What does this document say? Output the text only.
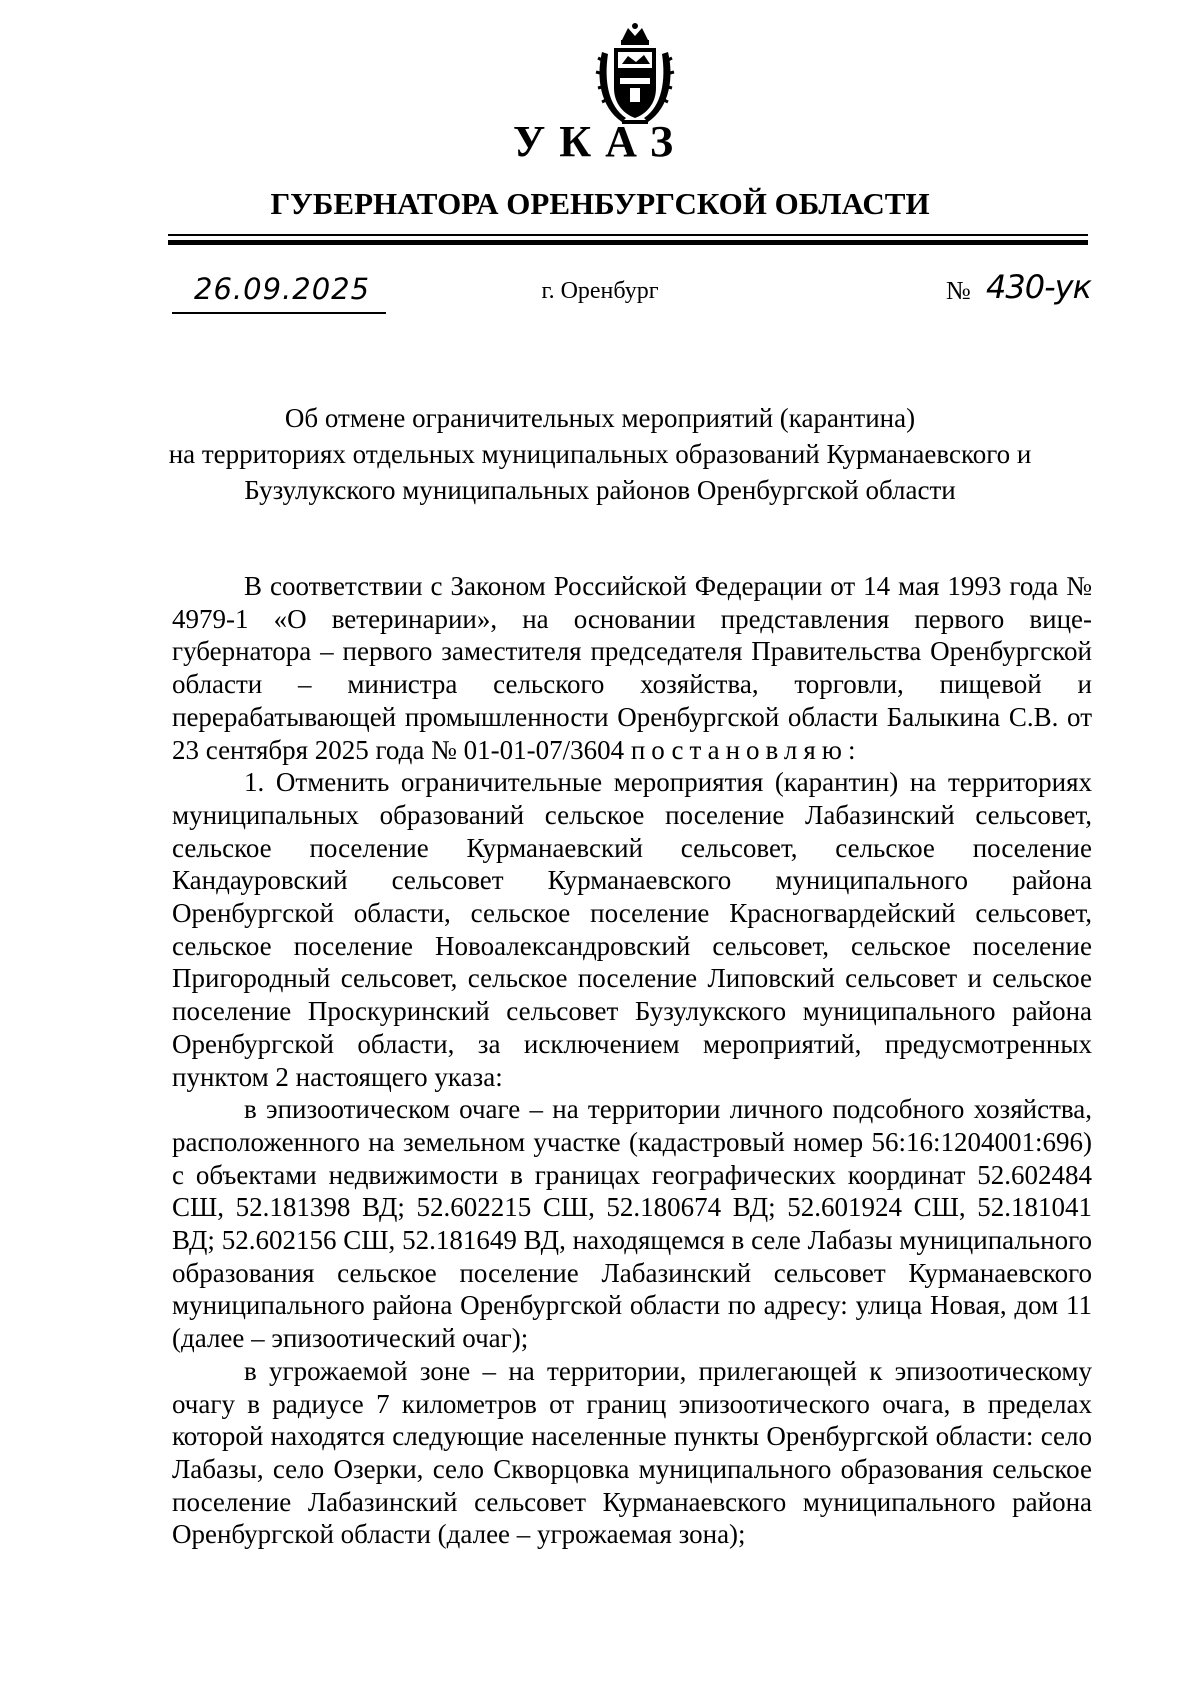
УКАЗ
ГУБЕРНАТОРА ОРЕНБУРГСКОЙ ОБЛАСТИ
26.09.2025	г. Оренбург	№ 430-ук
Об отмене ограничительных мероприятий (карантина)
на территориях отдельных муниципальных образований Курманаевского и
Бузулукского муниципальных районов Оренбургской области

В соответствии с Законом Российской Федерации от 14 мая 1993 года № 4979-1 «О ветеринарии», на основании представления первого вице-губернатора – первого заместителя председателя Правительства Оренбургской области – министра сельского хозяйства, торговли, пищевой и перерабатывающей промышленности Оренбургской области Балыкина С.В. от 23 сентября 2025 года № 01-01-07/3604 постановляю:

1. Отменить ограничительные мероприятия (карантин) на территориях муниципальных образований сельское поселение Лабазинский сельсовет, сельское поселение Курманаевский сельсовет, сельское поселение Кандауровский сельсовет Курманаевского муниципального района Оренбургской области, сельское поселение Красногвардейский сельсовет, сельское поселение Новоалександровский сельсовет, сельское поселение Пригородный сельсовет, сельское поселение Липовский сельсовет и сельское поселение Проскуринский сельсовет Бузулукского муниципального района Оренбургской области, за исключением мероприятий, предусмотренных пунктом 2 настоящего указа:

в эпизоотическом очаге – на территории личного подсобного хозяйства, расположенного на земельном участке (кадастровый номер 56:16:1204001:696) с объектами недвижимости в границах географических координат 52.602484 СШ, 52.181398 ВД; 52.602215 СШ, 52.180674 ВД; 52.601924 СШ, 52.181041 ВД; 52.602156 СШ, 52.181649 ВД, находящемся в селе Лабазы муниципального образования сельское поселение Лабазинский сельсовет Курманаевского муниципального района Оренбургской области по адресу: улица Новая, дом 11 (далее – эпизоотический очаг);

в угрожаемой зоне – на территории, прилегающей к эпизоотическому очагу в радиусе 7 километров от границ эпизоотического очага, в пределах которой находятся следующие населенные пункты Оренбургской области: село Лабазы, село Озерки, село Скворцовка муниципального образования сельское поселение Лабазинский сельсовет Курманаевского муниципального района Оренбургской области (далее – угрожаемая зона);
